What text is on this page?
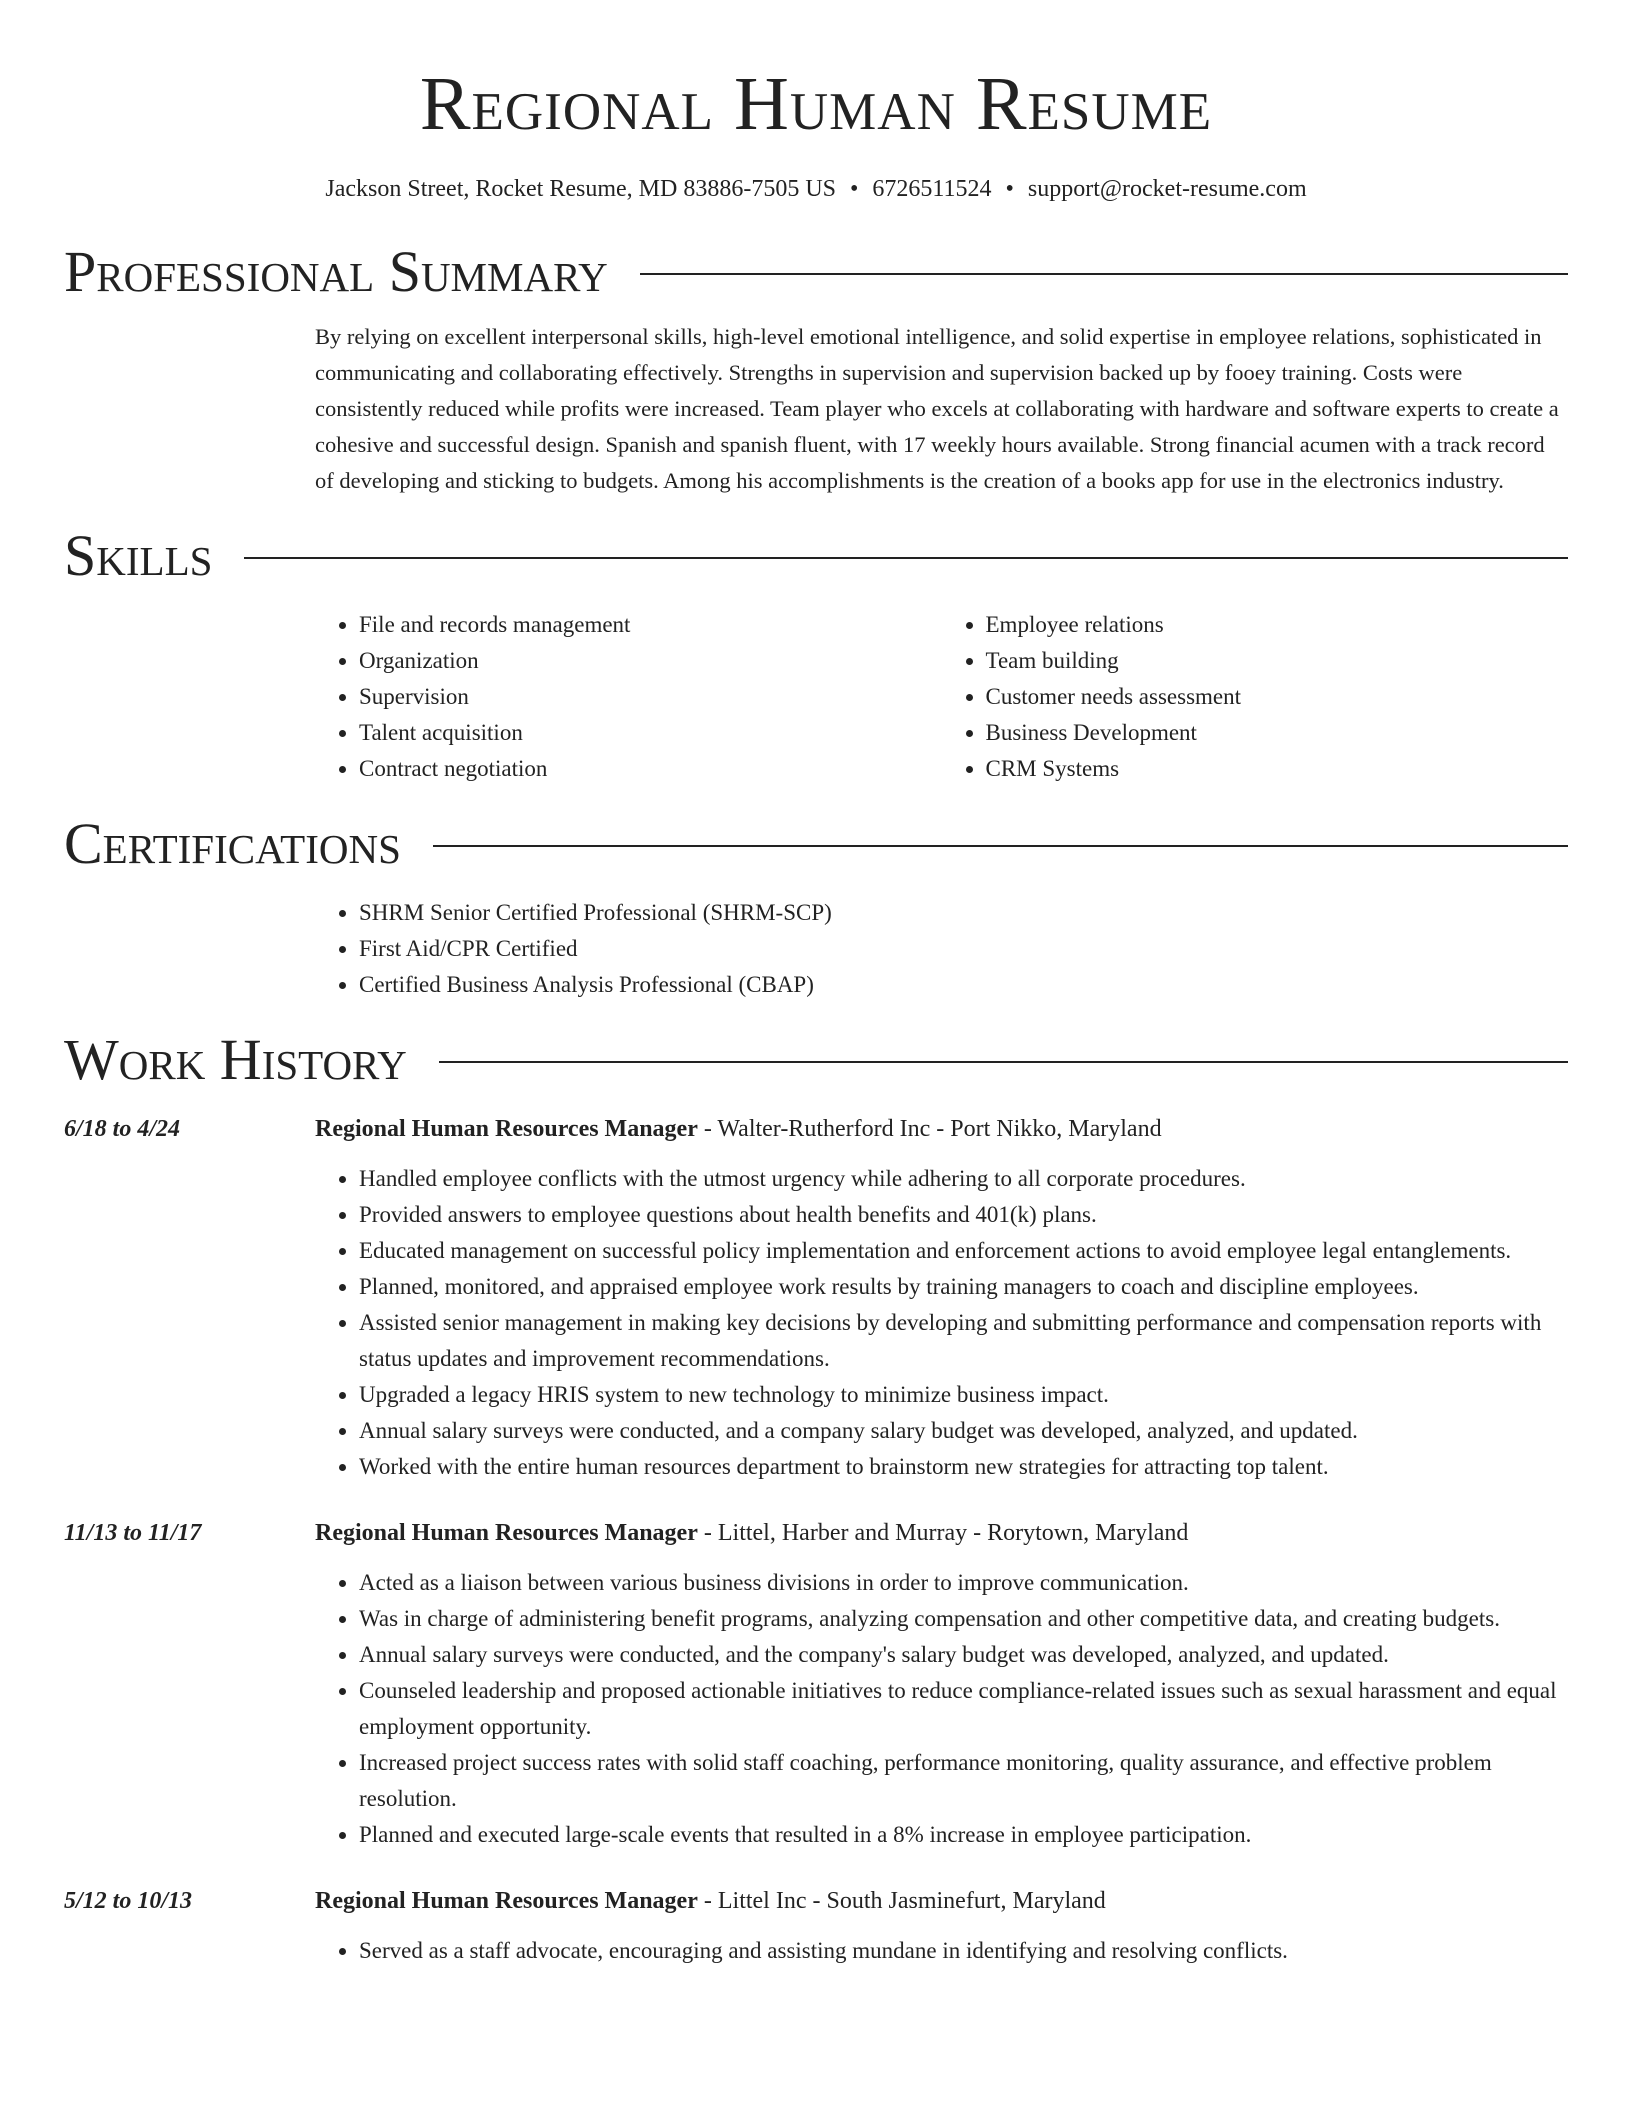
Regional Human Resume
Jackson Street, Rocket Resume, MD 83886-7505 US • 6726511524 • support@rocket-resume.com
Professional Summary

By relying on excellent interpersonal skills, high-level emotional intelligence, and solid expertise in employee relations, sophisticated in communicating and collaborating effectively. Strengths in supervision and supervision backed up by fooey training. Costs were consistently reduced while profits were increased. Team player who excels at collaborating with hardware and software experts to create a cohesive and successful design. Spanish and spanish fluent, with 17 weekly hours available. Strong financial acumen with a track record of developing and sticking to budgets. Among his accomplishments is the creation of a books app for use in the electronics industry.

Skills
• File and records management
• Organization
• Supervision
• Talent acquisition
• Contract negotiation
• Employee relations
• Team building
• Customer needs assessment
• Business Development
• CRM Systems
Certifications
• SHRM Senior Certified Professional (SHRM-SCP)
• First Aid/CPR Certified
• Certified Business Analysis Professional (CBAP)
Work History
6/18 to 4/24	Regional Human Resources Manager - Walter-Rutherford Inc - Port Nikko, Maryland
• Handled employee conflicts with the utmost urgency while adhering to all corporate procedures.
• Provided answers to employee questions about health benefits and 401(k) plans.
• Educated management on successful policy implementation and enforcement actions to avoid employee legal entanglements.
• Planned, monitored, and appraised employee work results by training managers to coach and discipline employees.
• Assisted senior management in making key decisions by developing and submitting performance and compensation reports with status updates and improvement recommendations.
• Upgraded a legacy HRIS system to new technology to minimize business impact.
• Annual salary surveys were conducted, and a company salary budget was developed, analyzed, and updated.
• Worked with the entire human resources department to brainstorm new strategies for attracting top talent.
11/13 to 11/17	Regional Human Resources Manager - Littel, Harber and Murray - Rorytown, Maryland
• Acted as a liaison between various business divisions in order to improve communication.
• Was in charge of administering benefit programs, analyzing compensation and other competitive data, and creating budgets.
• Annual salary surveys were conducted, and the company's salary budget was developed, analyzed, and updated.
• Counseled leadership and proposed actionable initiatives to reduce compliance-related issues such as sexual harassment and equal employment opportunity.
• Increased project success rates with solid staff coaching, performance monitoring, quality assurance, and effective problem resolution.
• Planned and executed large-scale events that resulted in a 8% increase in employee participation.
5/12 to 10/13	Regional Human Resources Manager - Littel Inc - South Jasminefurt, Maryland
• Served as a staff advocate, encouraging and assisting mundane in identifying and resolving conflicts.
